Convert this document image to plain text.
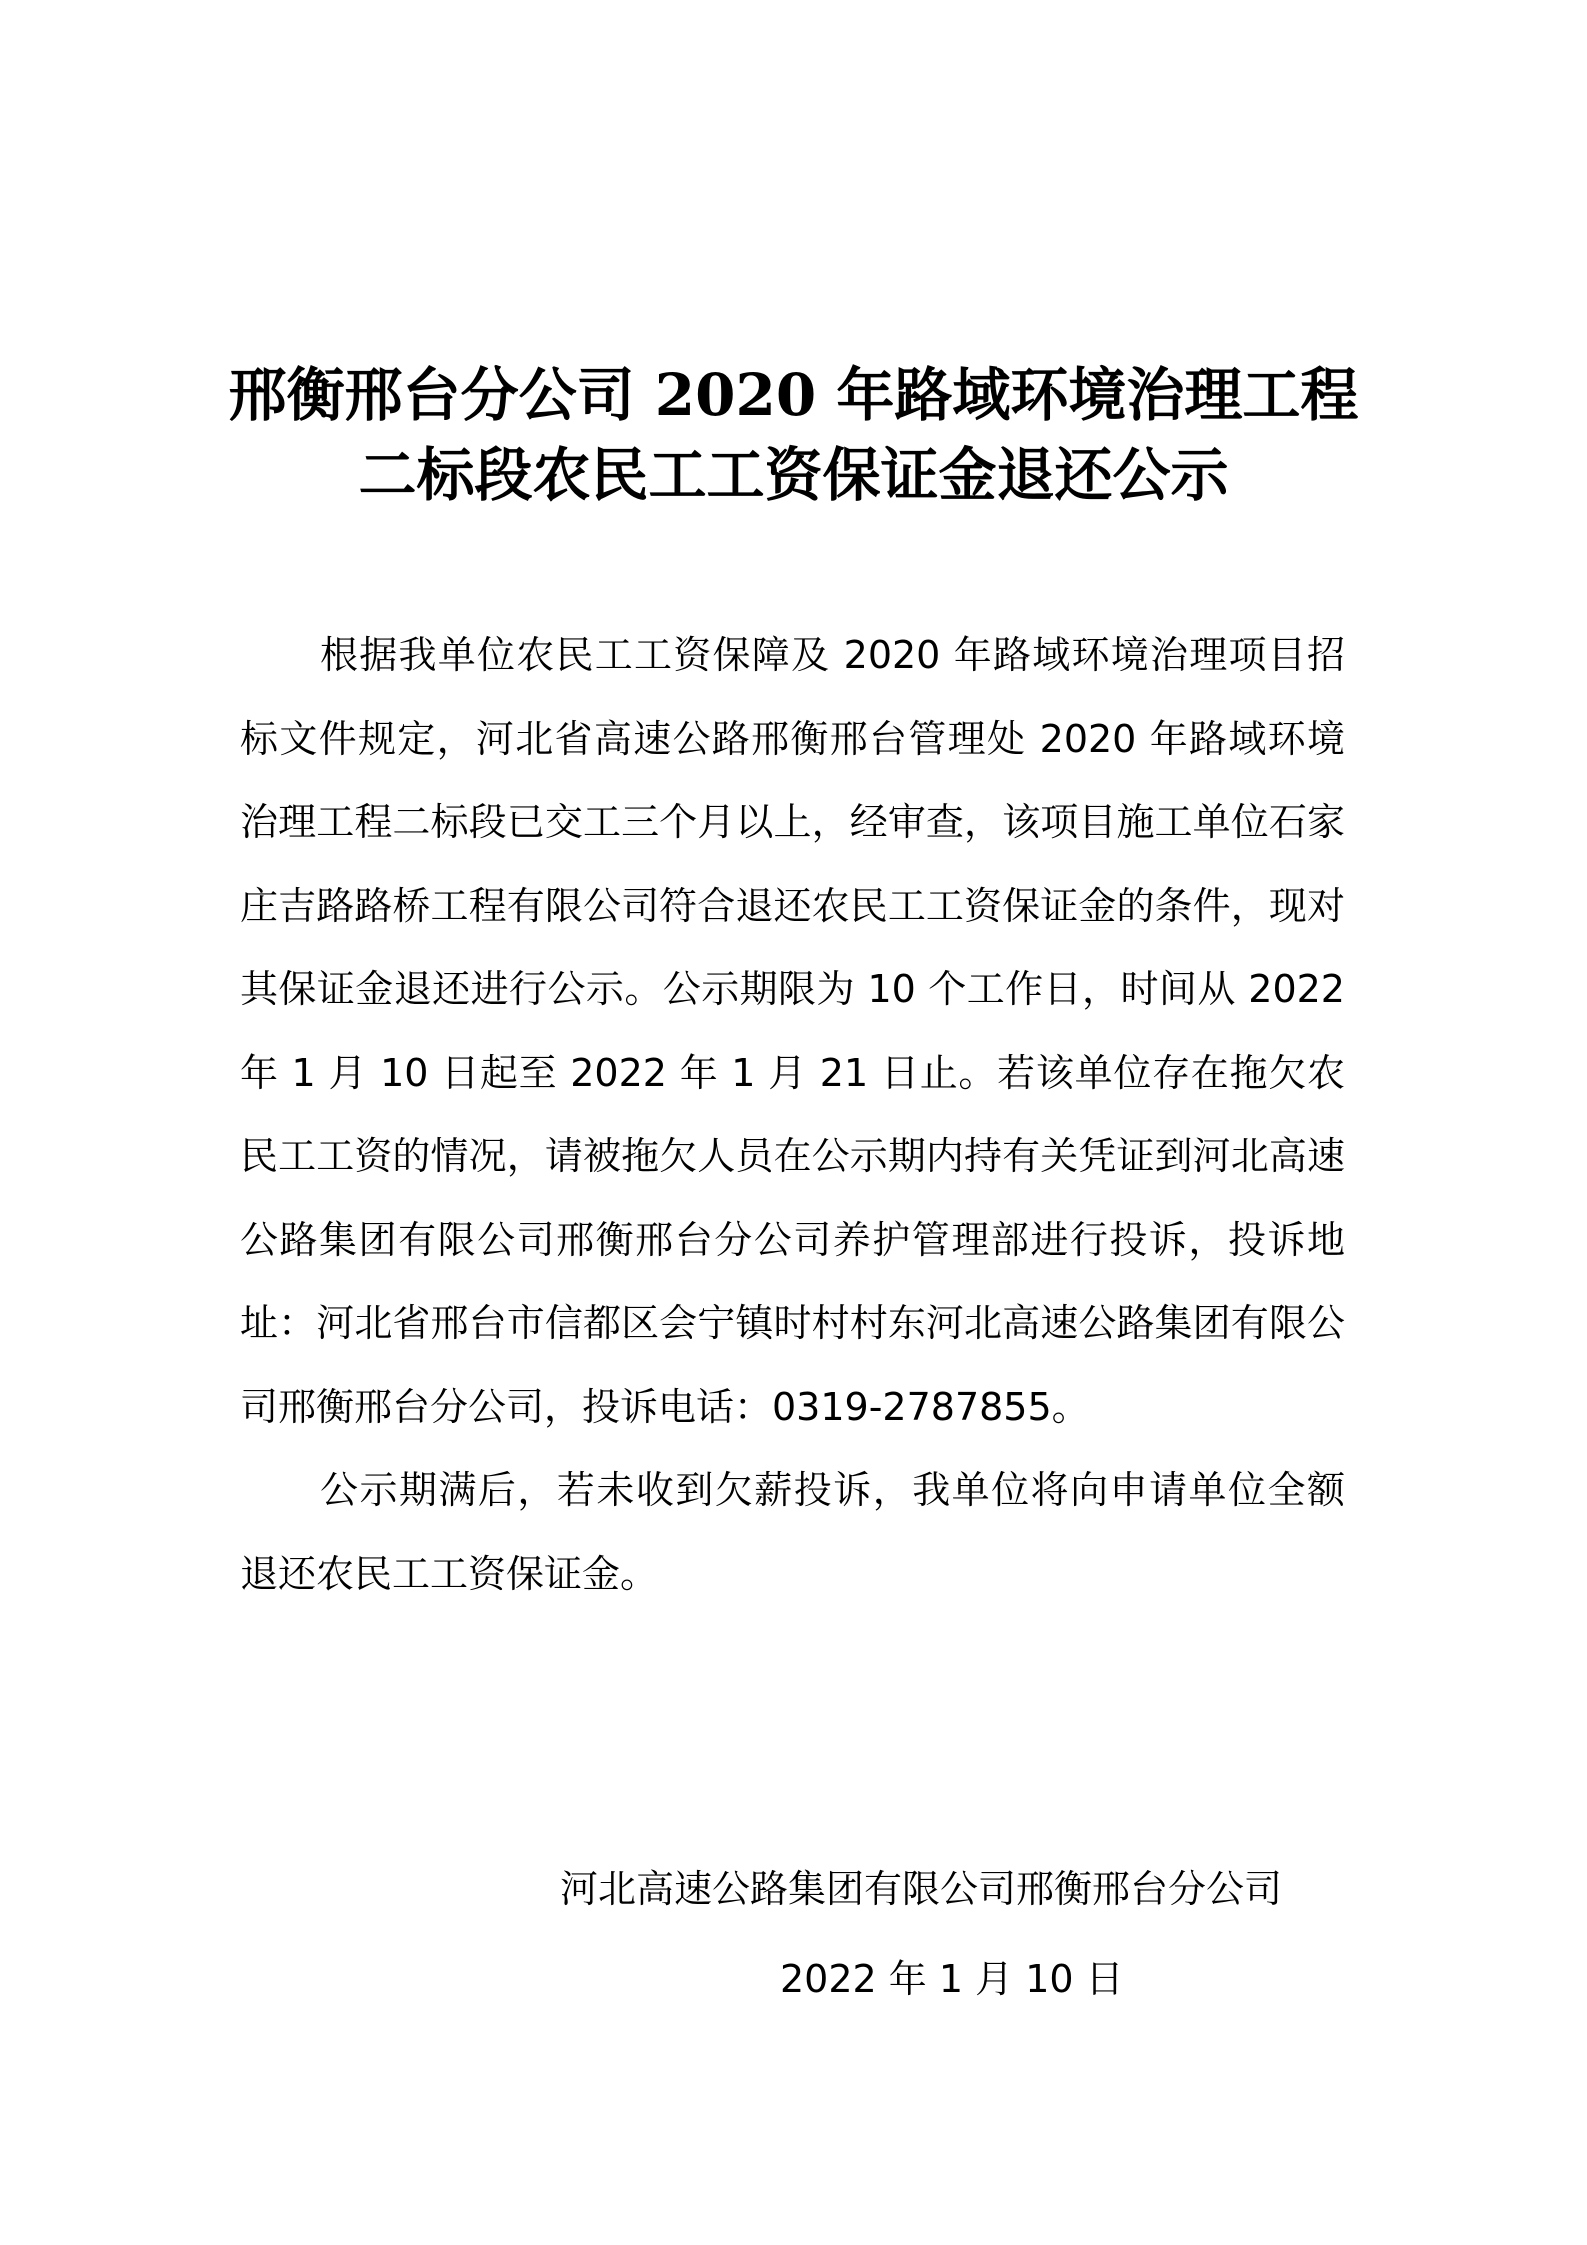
邢衡邢台分公司 2020 年路域环境治理工程
二标段农民工工资保证金退还公示

根据我单位农民工工资保障及 2020 年路域环境治理项目招标文件规定，河北省高速公路邢衡邢台管理处 2020 年路域环境治理工程二标段已交工三个月以上，经审查，该项目施工单位石家庄吉路路桥工程有限公司符合退还农民工工资保证金的条件，现对其保证金退还进行公示。公示期限为 10 个工作日，时间从 2022 年 1 月 10 日起至 2022 年 1 月 21 日止。若该单位存在拖欠农民工工资的情况，请被拖欠人员在公示期内持有关凭证到河北高速公路集团有限公司邢衡邢台分公司养护管理部进行投诉，投诉地址：河北省邢台市信都区会宁镇时村村东河北高速公路集团有限公司邢衡邢台分公司，投诉电话：0319-2787855。

公示期满后，若未收到欠薪投诉，我单位将向申请单位全额退还农民工工资保证金。

河北高速公路集团有限公司邢衡邢台分公司
2022 年 1 月 10 日
